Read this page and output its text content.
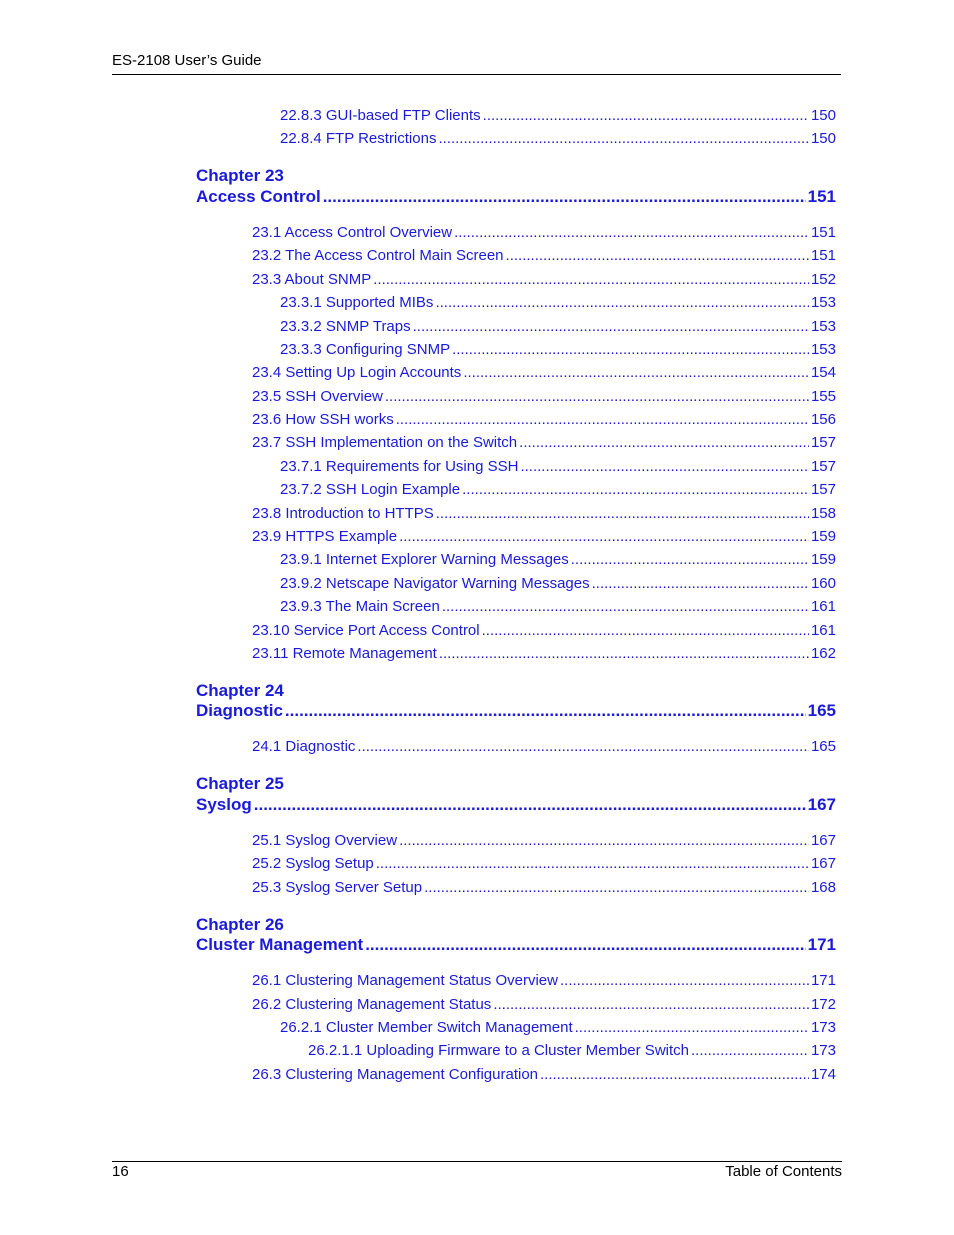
ES-2108 User’s Guide
22.8.3 GUI-based FTP Clients .....	150
22.8.4 FTP Restrictions .....	150
Chapter 23
Access Control .....	151
23.1 Access Control Overview .....	151
23.2 The Access Control Main Screen .....	151
23.3 About SNMP .....	152
23.3.1 Supported MIBs .....	153
23.3.2 SNMP Traps .....	153
23.3.3 Configuring SNMP .....	153
23.4 Setting Up Login Accounts .....	154
23.5 SSH Overview .....	155
23.6 How SSH works .....	156
23.7 SSH Implementation on the Switch .....	157
23.7.1 Requirements for Using SSH .....	157
23.7.2 SSH Login Example .....	157
23.8 Introduction to HTTPS .....	158
23.9 HTTPS Example .....	159
23.9.1 Internet Explorer Warning Messages .....	159
23.9.2 Netscape Navigator Warning Messages .....	160
23.9.3 The Main Screen .....	161
23.10 Service Port Access Control .....	161
23.11 Remote Management .....	162
Chapter 24
Diagnostic .....	165
24.1 Diagnostic .....	165
Chapter 25
Syslog .....	167
25.1 Syslog Overview .....	167
25.2 Syslog Setup .....	167
25.3 Syslog Server Setup .....	168
Chapter 26
Cluster Management .....	171
26.1 Clustering Management Status Overview .....	171
26.2 Clustering Management Status .....	172
26.2.1 Cluster Member Switch Management .....	173
26.2.1.1 Uploading Firmware to a Cluster Member Switch .....	173
26.3 Clustering Management Configuration .....	174
16	Table of Contents
